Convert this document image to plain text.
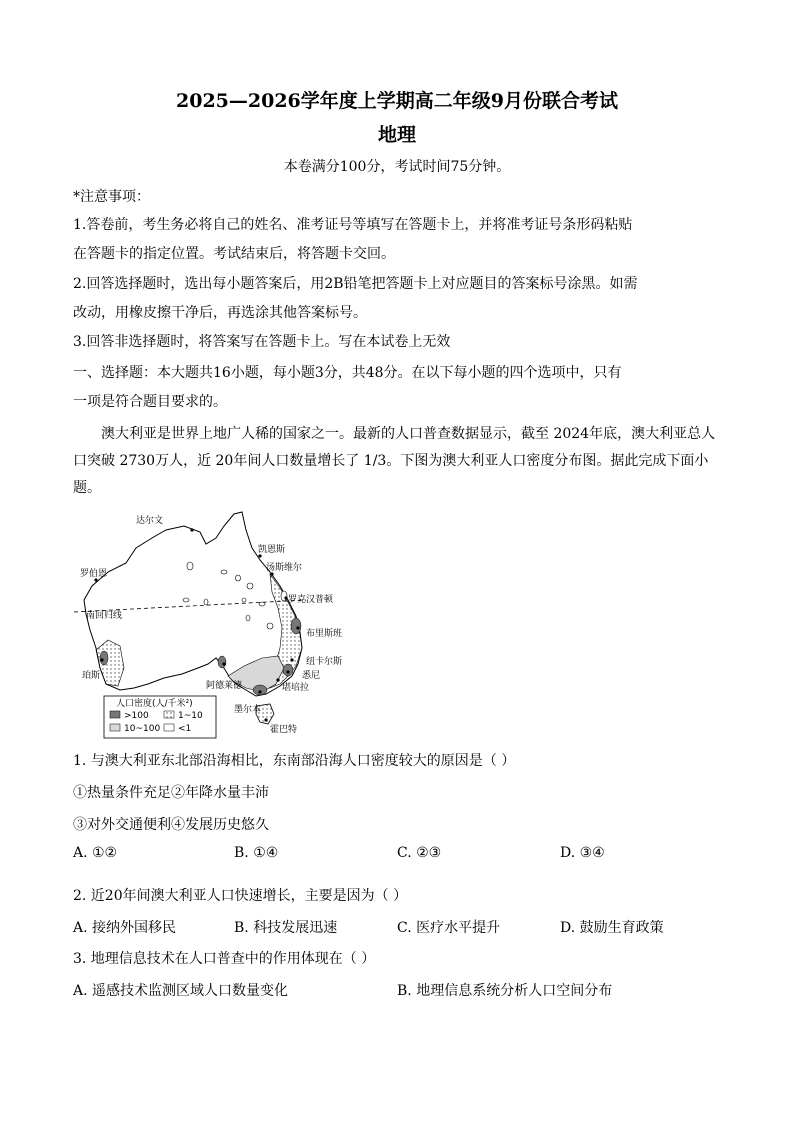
2025—2026学年度上学期高二年级9月份联合考试
地理
本卷满分100分，考试时间75分钟。
*注意事项：
1.答卷前，考生务必将自己的姓名、准考证号等填写在答题卡上，并将准考证号条形码粘贴
在答题卡的指定位置。考试结束后，将答题卡交回。
2.回答选择题时，选出每小题答案后，用2B铅笔把答题卡上对应题目的答案标号涂黑。如需
改动，用橡皮擦干净后，再选涂其他答案标号。
3.回答非选择题时，将答案写在答题卡上。写在本试卷上无效
一、选择题：本大题共16小题，每小题3分，共48分。在以下每小题的四个选项中，只有
一项是符合题目要求的。
澳大利亚是世界上地广人稀的国家之一。最新的人口普查数据显示，截至 2024年底，澳大利亚总人口突破 2730万人，近 20年间人口数量增长了 1/3。下图为澳大利亚人口密度分布图。据此完成下面小题。
达尔文
凯恩斯
汤斯维尔
罗伯恩
罗克汉普顿
南回归线
布里斯班
纽卡尔斯
珀斯
阿德莱德
悉尼
堪培拉
墨尔本
霍巴特
人口密度(人/千米²)
>100	1~10
10~100 <1
1. 与澳大利亚东北部沿海相比，东南部沿海人口密度较大的原因是（ ）
①热量条件充足②年降水量丰沛
③对外交通便利④发展历史悠久
A. ①②	B. ①④	C. ②③	D. ③④
2. 近20年间澳大利亚人口快速增长，主要是因为（ ）
A. 接纳外国移民	B. 科技发展迅速	C. 医疗水平提升	D. 鼓励生育政策
3. 地理信息技术在人口普查中的作用体现在（ ）
A. 遥感技术监测区域人口数量变化	B. 地理信息系统分析人口空间分布
